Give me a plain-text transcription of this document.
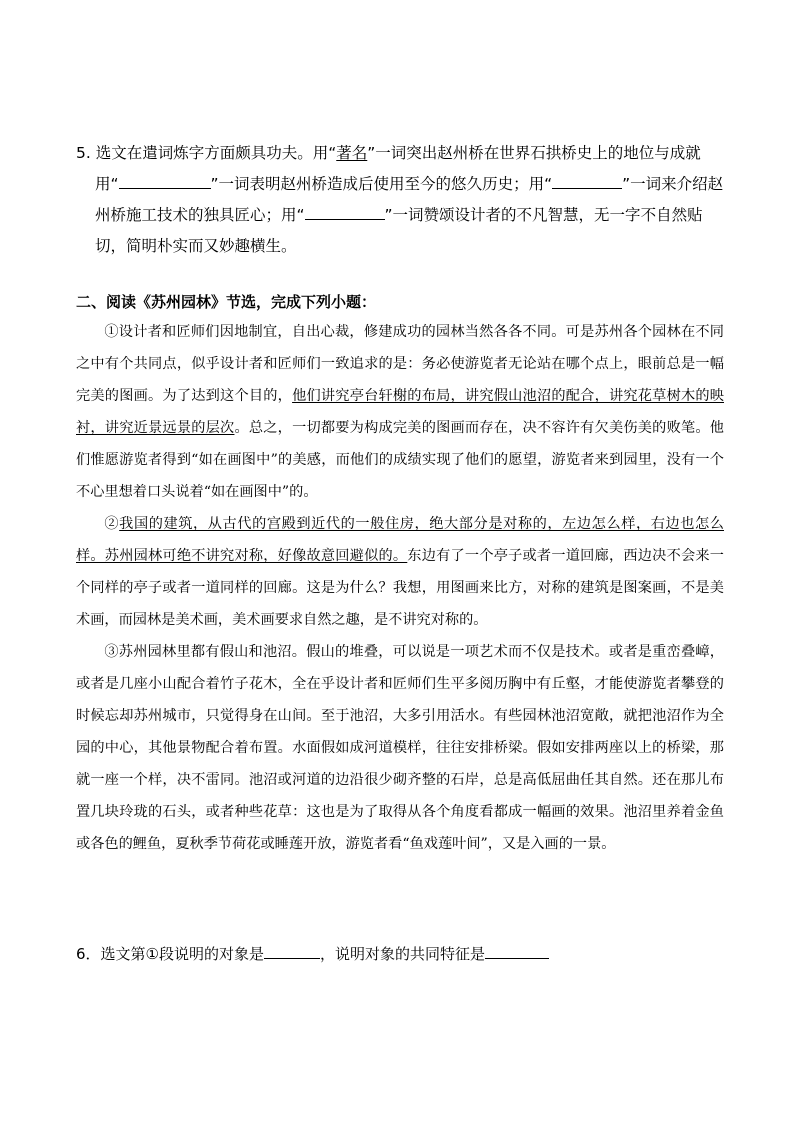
5. 选文在遣词炼字方面颇具功夫。用“著名”一词突出赵州桥在世界石拱桥史上的地位与成就
用“	”一词表明赵州桥造成后使用至今的悠久历史；用“	”一词来介绍赵
州桥施工技术的独具匠心；用“	”一词赞颂设计者的不凡智慧，无一字不自然贴
切，简明朴实而又妙趣横生。
二、阅读《苏州园林》节选，完成下列小题：

①设计者和匠师们因地制宜，自出心裁，修建成功的园林当然各各不同。可是苏州各个园林在不同之中有个共同点，似乎设计者和匠师们一致追求的是：务必使游览者无论站在哪个点上，眼前总是一幅完美的图画。为了达到这个目的，他们讲究亭台轩榭的布局，讲究假山池沼的配合，讲究花草树木的映衬，讲究近景远景的层次。总之，一切都要为构成完美的图画而存在，决不容许有欠美伤美的败笔。他们惟愿游览者得到“如在画图中”的美感，而他们的成绩实现了他们的愿望，游览者来到园里，没有一个不心里想着口头说着“如在画图中”的。

②我国的建筑，从古代的宫殿到近代的一般住房，绝大部分是对称的，左边怎么样，右边也怎么样。苏州园林可绝不讲究对称，好像故意回避似的。东边有了一个亭子或者一道回廊，西边决不会来一个同样的亭子或者一道同样的回廊。这是为什么？我想，用图画来比方，对称的建筑是图案画，不是美术画，而园林是美术画，美术画要求自然之趣，是不讲究对称的。

③苏州园林里都有假山和池沼。假山的堆叠，可以说是一项艺术而不仅是技术。或者是重峦叠嶂，或者是几座小山配合着竹子花木，全在乎设计者和匠师们生平多阅历胸中有丘壑，才能使游览者攀登的时候忘却苏州城市，只觉得身在山间。至于池沼，大多引用活水。有些园林池沼宽敞，就把池沼作为全园的中心，其他景物配合着布置。水面假如成河道模样，往往安排桥梁。假如安排两座以上的桥梁，那就一座一个样，决不雷同。池沼或河道的边沿很少砌齐整的石岸，总是高低屈曲任其自然。还在那儿布置几块玲珑的石头，或者种些花草：这也是为了取得从各个角度看都成一幅画的效果。池沼里养着金鱼或各色的鲤鱼，夏秋季节荷花或睡莲开放，游览者看“鱼戏莲叶间”，又是入画的一景。

6．选文第①段说明的对象是	，说明对象的共同特征是
